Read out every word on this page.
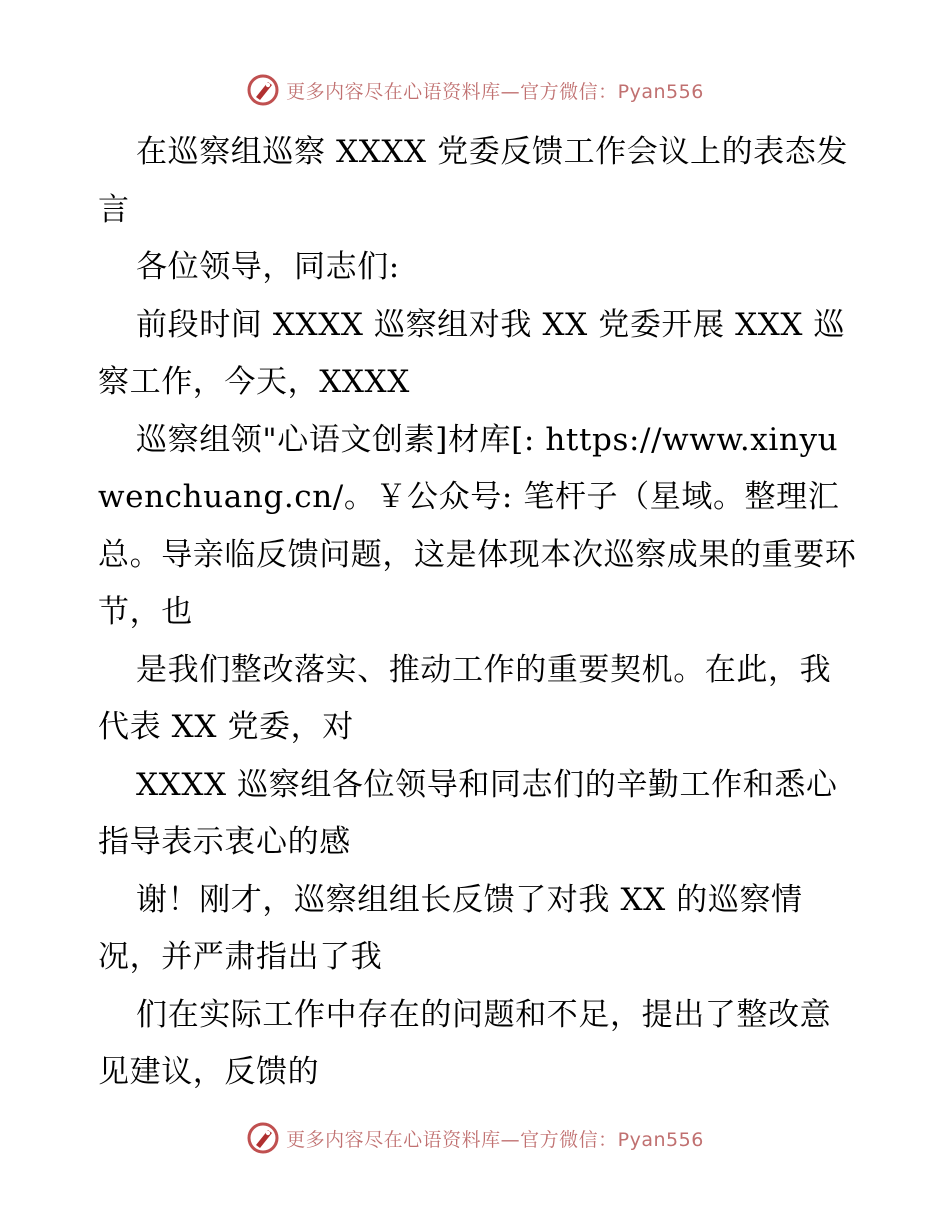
更多内容尽在心语资料库—官方微信：Pyan556

在巡察组巡察 XXXX 党委反馈工作会议上的表态发言

各位领导，同志们:

前段时间 XXXX 巡察组对我 XX 党委开展 XXX 巡察工作，今天，XXXX

巡察组领"心语文创素]材库[: https://www.xinyuwenchuang.cn/。￥公众号: 笔杆子（星域。整理汇总。导亲临反馈问题，这是体现本次巡察成果的重要环节，也

是我们整改落实、推动工作的重要契机。在此，我代表 XX 党委，对

XXXX 巡察组各位领导和同志们的辛勤工作和悉心指导表示衷心的感

谢！刚才，巡察组组长反馈了对我 XX 的巡察情况，并严肃指出了我

们在实际工作中存在的问题和不足，提出了整改意见建议，反馈的

更多内容尽在心语资料库—官方微信：Pyan556
